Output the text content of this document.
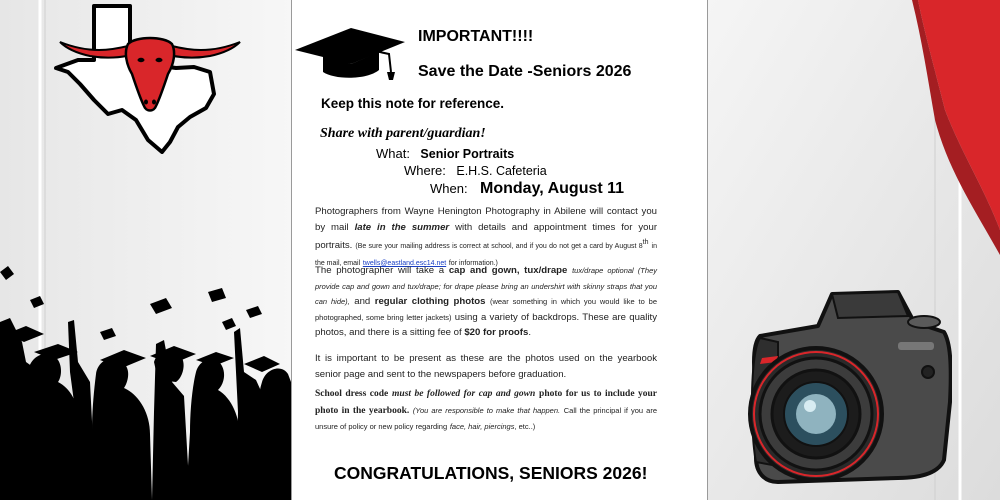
IMPORTANT!!!!
Save the Date -Seniors 2026
Keep this note for reference.
Share with parent/guardian!
What: Senior Portraits
Where: E.H.S. Cafeteria
When: Monday, August 11
Photographers from Wayne Henington Photography in Abilene will contact you by mail late in the summer with details and appointment times for your portraits. (Be sure your mailing address is correct at school, and if you do not get a card by August 8th in the mail, email twells@eastland.esc14.net for information.)
The photographer will take a cap and gown, tux/drape tux/drape optional (They provide cap and gown and tux/drape; for drape please bring an undershirt with skinny straps that you can hide), and regular clothing photos (wear something in which you would like to be photographed, some bring letter jackets) using a variety of backdrops. These are quality photos, and there is a sitting fee of $20 for proofs.
It is important to be present as these are the photos used on the yearbook senior page and sent to the newspapers before graduation.
School dress code must be followed for cap and gown photo for us to include your photo in the yearbook. (You are responsible to make that happen. Call the principal if you are unsure of policy or new policy regarding face, hair, piercings, etc..)
CONGRATULATIONS, SENIORS 2026!
